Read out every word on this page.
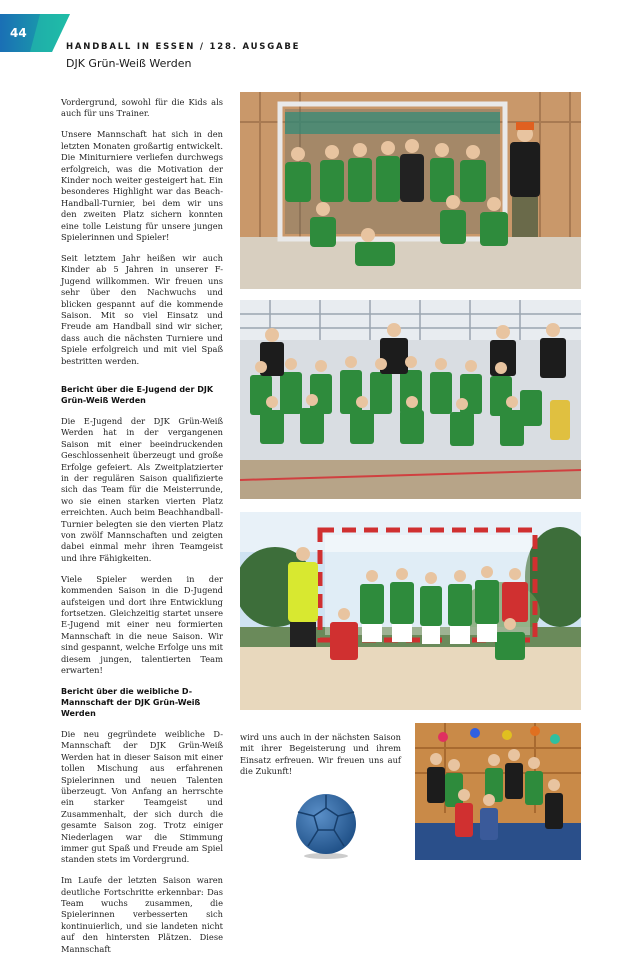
44
HANDBALL IN ESSEN / 128. AUSGABE
DJK Grün-Weiß Werden

Vordergrund, sowohl für die Kids als auch für uns Trainer.

Unsere Mannschaft hat sich in den letzten Monaten großartig entwickelt. Die Miniturniere verliefen durchwegs erfolgreich, was die Motivation der Kinder noch weiter gesteigert hat. Ein besonderes Highlight war das Beach-Handball-Turnier, bei dem wir uns den zweiten Platz sichern konnten eine tolle Leistung für unsere jungen Spielerinnen und Spieler!

Seit letztem Jahr heißen wir auch Kinder ab 5 Jahren in unserer F-Jugend willkommen. Wir freuen uns sehr über den Nachwuchs und blicken gespannt auf die kommende Saison. Mit so viel Einsatz und Freude am Handball sind wir sicher, dass auch die nächsten Turniere und Spiele erfolgreich und mit viel Spaß bestritten werden.

Bericht über die E-Jugend der DJK Grün-Weiß Werden

Die E-Jugend der DJK Grün-Weiß Werden hat in der vergangenen Saison mit einer beeindruckenden Geschlossenheit überzeugt und große Erfolge gefeiert. Als Zweitplatzierter in der regulären Saison qualifizierte sich das Team für die Meisterrunde, wo sie einen starken vierten Platz erreichten. Auch beim Beachhandball-Turnier belegten sie den vierten Platz von zwölf Mannschaften und zeigten dabei einmal mehr ihren Teamgeist und ihre Fähigkeiten.

Viele Spieler werden in der kommenden Saison in die D-Jugend aufsteigen und dort ihre Entwicklung fortsetzen. Gleichzeitig startet unsere E-Jugend mit einer neu formierten Mannschaft in die neue Saison. Wir sind gespannt, welche Erfolge uns mit diesem jungen, talentierten Team erwarten!

Bericht über die weibliche D-Mannschaft der DJK Grün-Weiß Werden

Die neu gegründete weibliche D-Mannschaft der DJK Grün-Weiß Werden hat in dieser Saison mit einer tollen Mischung aus erfahrenen Spielerinnen und neuen Talenten überzeugt. Von Anfang an herrschte ein starker Teamgeist und Zusammenhalt, der sich durch die gesamte Saison zog. Trotz einiger Niederlagen war die Stimmung immer gut Spaß und Freude am Spiel standen stets im Vordergrund.

Im Laufe der letzten Saison waren deutliche Fortschritte erkennbar: Das Team wuchs zusammen, die Spielerinnen verbesserten sich kontinuierlich, und sie landeten nicht auf den hintersten Plätzen. Diese Mannschaft

wird uns auch in der nächsten Saison mit ihrer Begeisterung und ihrem Einsatz erfreuen. Wir freuen uns auf die Zukunft!
